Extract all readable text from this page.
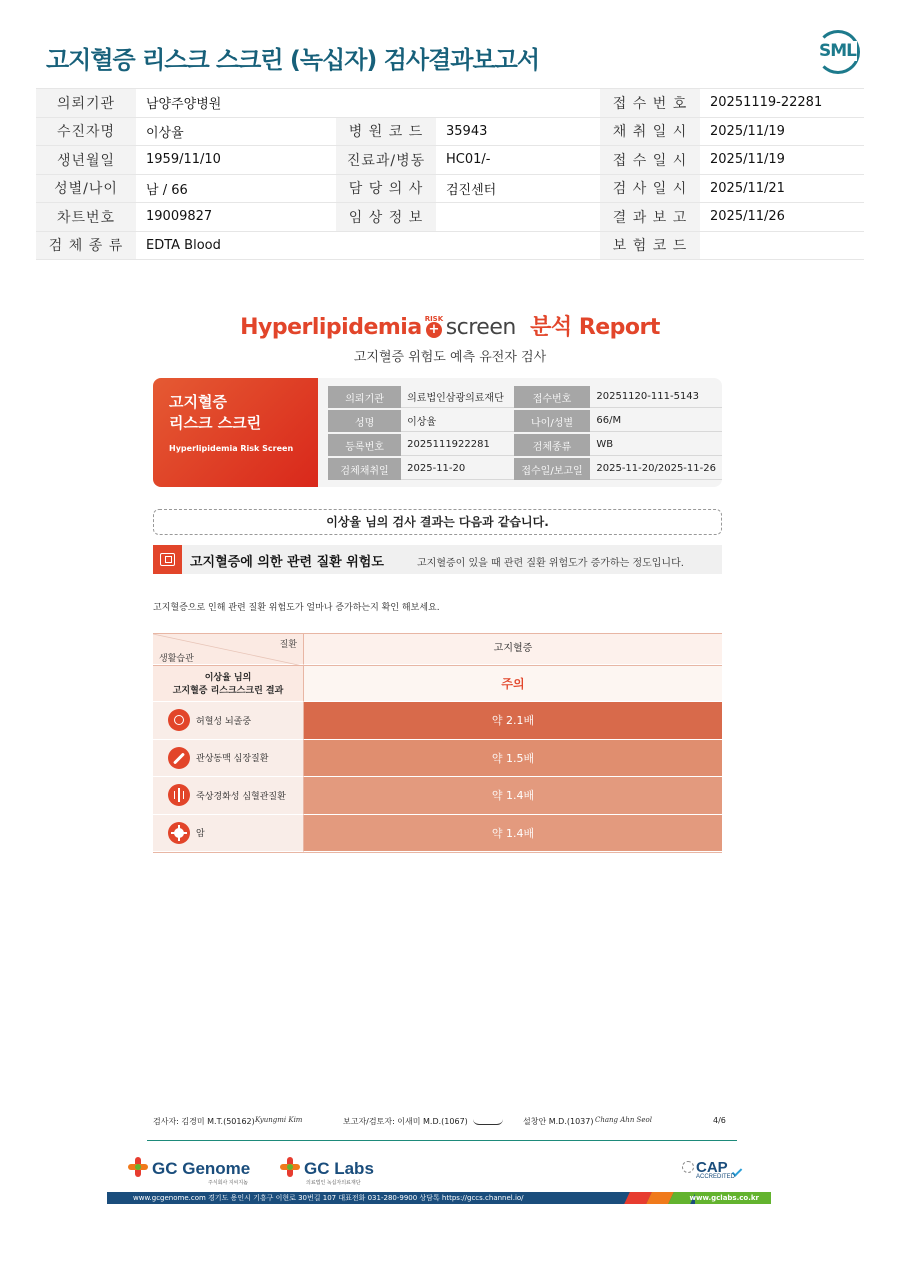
고지혈증 리스크 스크린 (녹십자) 검사결과보고서	SML
의뢰기관	남양주양병원			접 수 번 호	20251119-22281
수진자명	이상율	병 원 코 드	35943	채 취 일 시	2025/11/19
생년월일	1959/11/10	진료과/병동	HC01/-	접 수 일 시	2025/11/19
성별/나이	남 / 66	담 당 의 사	검진센터	검 사 일 시	2025/11/21
차트번호	19009827	임 상 정 보		결 과 보 고	2025/11/26
검 체 종 류	EDTA Blood			보 험 코 드	
Hyperlipidemia +
RISK screen 분석 Report
고지혈증 위험도 예측 유전자 검사
고지혈증
리스크 스크린
Hyperlipidemia Risk Screen
의뢰기관	의료법인삼광의료재단	접수번호	20251120-111-5143
성명	이상율	나이/성별	66/M
등록번호	2025111922281	검체종류	WB
검체채취일	2025-11-20	접수일/보고일	2025-11-20/2025-11-26
이상율 님의 검사 결과는 다음과 같습니다.
고지혈증에 의한 관련 질환 위험도	고지혈증이 있을 때 관련 질환 위험도가 증가하는 정도입니다.
고지혈증으로 인해 관련 질환 위험도가 얼마나 증가하는지 확인 해보세요.
질환
생활습관
고지혈증
이상율 님의
고지혈증 리스크스크린 결과	주의
허혈성 뇌졸중	약 2.1배
관상동맥 심장질환	약 1.5배
죽상경화성 심혈관질환	약 1.4배
암	약 1.4배
검사자: 김경미 M.T.(50162) Kyungmi Kim	보고자/검토자: 이새미 M.D.(1067)	설창안 M.D.(1037) Chang Ahn Seol	4/6
GC Genome
주식회사 지씨지놈
GC Labs
의료법인 녹십자의료재단
CAP
ACCREDITED
www.gcgenome.com 경기도 용인시 기흥구 이현로 30번길 107 대표전화 031-280-9900 상담톡 https://gccs.channel.io/	www.gclabs.co.kr
